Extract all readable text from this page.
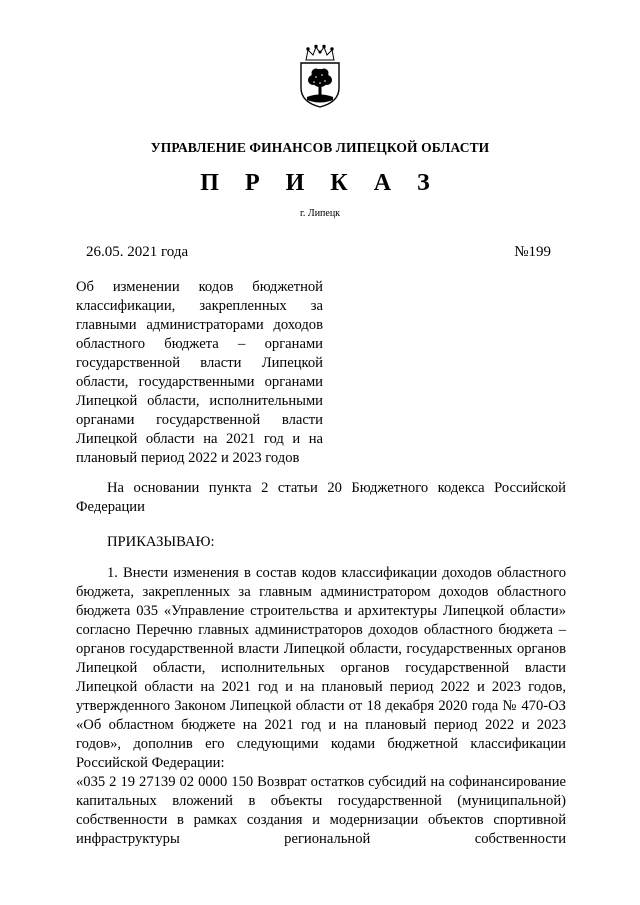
УПРАВЛЕНИЕ ФИНАНСОВ ЛИПЕЦКОЙ ОБЛАСТИ
П Р И К А З
г. Липецк
26.05. 2021 года	№199
Об изменении кодов бюджетной классификации, закрепленных за главными администраторами доходов областного бюджета – органами государственной власти Липецкой области, государственными органами Липецкой области, исполнительными органами государственной власти Липецкой области на 2021 год и на плановый период 2022 и 2023 годов
На основании пункта 2 статьи 20 Бюджетного кодекса Российской Федерации
ПРИКАЗЫВАЮ:
1. Внести изменения в состав кодов классификации доходов областного бюджета, закрепленных за главным администратором доходов областного бюджета 035 «Управление строительства и архитектуры Липецкой области» согласно Перечню главных администраторов доходов областного бюджета – органов государственной власти Липецкой области, государственных органов Липецкой области, исполнительных органов государственной власти Липецкой области на 2021 год и на плановый период 2022 и 2023 годов, утвержденного Законом Липецкой области от 18 декабря 2020 года № 470-ОЗ «Об областном бюджете на 2021 год и на плановый период 2022 и 2023 годов», дополнив его следующими кодами бюджетной классификации Российской Федерации:
«035 2 19 27139 02 0000 150 Возврат остатков субсидий на софинансирование капитальных вложений в объекты государственной (муниципальной) собственности в рамках создания и модернизации объектов спортивной инфраструктуры региональной собственности
